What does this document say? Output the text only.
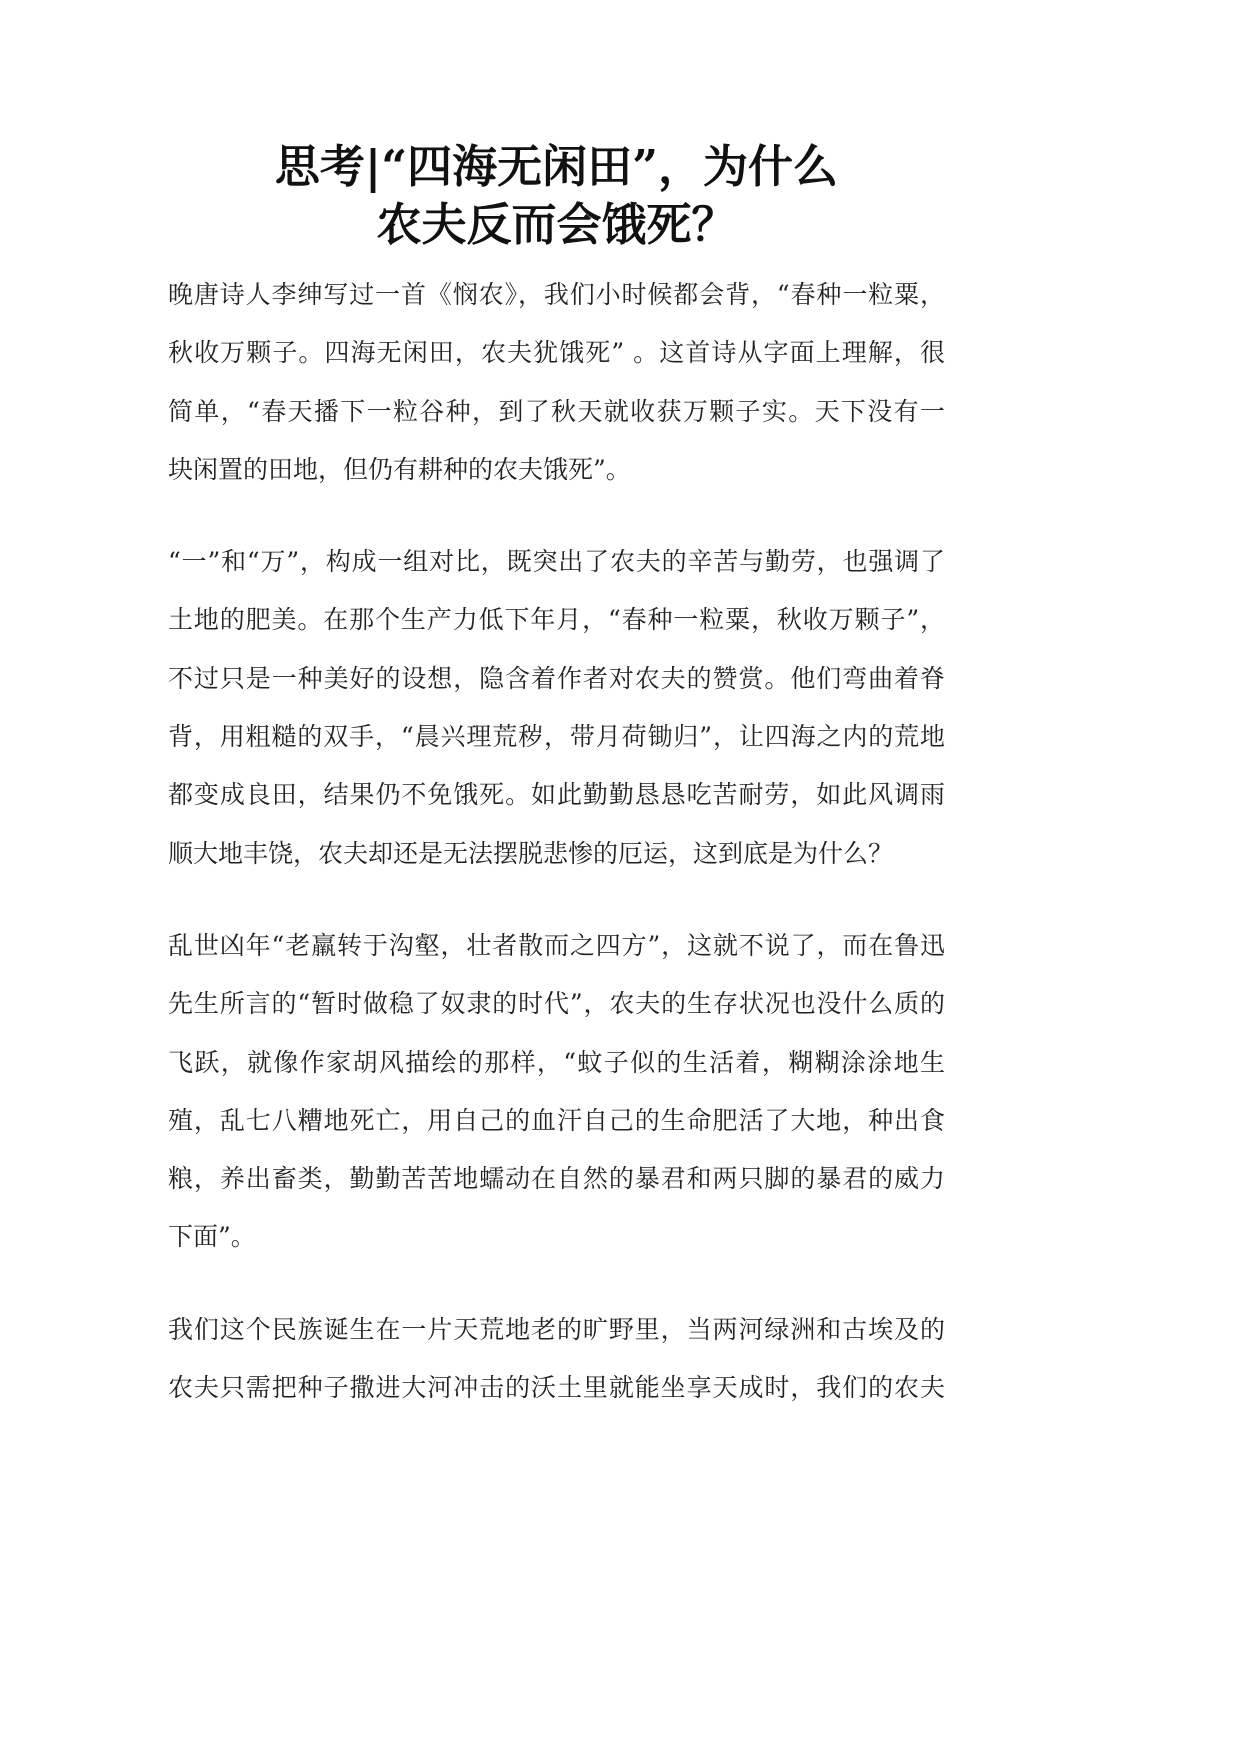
思考|“四海无闲田”，为什么
农夫反而会饿死？
晚唐诗人李绅写过一首《悯农》，我们小时候都会背，“春种一粒粟，
秋收万颗子。四海无闲田，农夫犹饿死” 。这首诗从字面上理解，很
简单，“春天播下一粒谷种，到了秋天就收获万颗子实。天下没有一
块闲置的田地，但仍有耕种的农夫饿死”。
“一”和“万”，构成一组对比，既突出了农夫的辛苦与勤劳，也强调了
土地的肥美。在那个生产力低下年月，“春种一粒粟，秋收万颗子”，
不过只是一种美好的设想，隐含着作者对农夫的赞赏。他们弯曲着脊
背，用粗糙的双手，“晨兴理荒秽，带月荷锄归”，让四海之内的荒地
都变成良田，结果仍不免饿死。如此勤勤恳恳吃苦耐劳，如此风调雨
顺大地丰饶，农夫却还是无法摆脱悲惨的厄运，这到底是为什么？
乱世凶年“老羸转于沟壑，壮者散而之四方”，这就不说了，而在鲁迅
先生所言的“暂时做稳了奴隶的时代”，农夫的生存状况也没什么质的
飞跃，就像作家胡风描绘的那样，“蚊子似的生活着，糊糊涂涂地生
殖，乱七八糟地死亡，用自己的血汗自己的生命肥活了大地，种出食
粮，养出畜类，勤勤苦苦地蠕动在自然的暴君和两只脚的暴君的威力
下面”。
我们这个民族诞生在一片天荒地老的旷野里，当两河绿洲和古埃及的
农夫只需把种子撒进大河冲击的沃土里就能坐享天成时，我们的农夫
